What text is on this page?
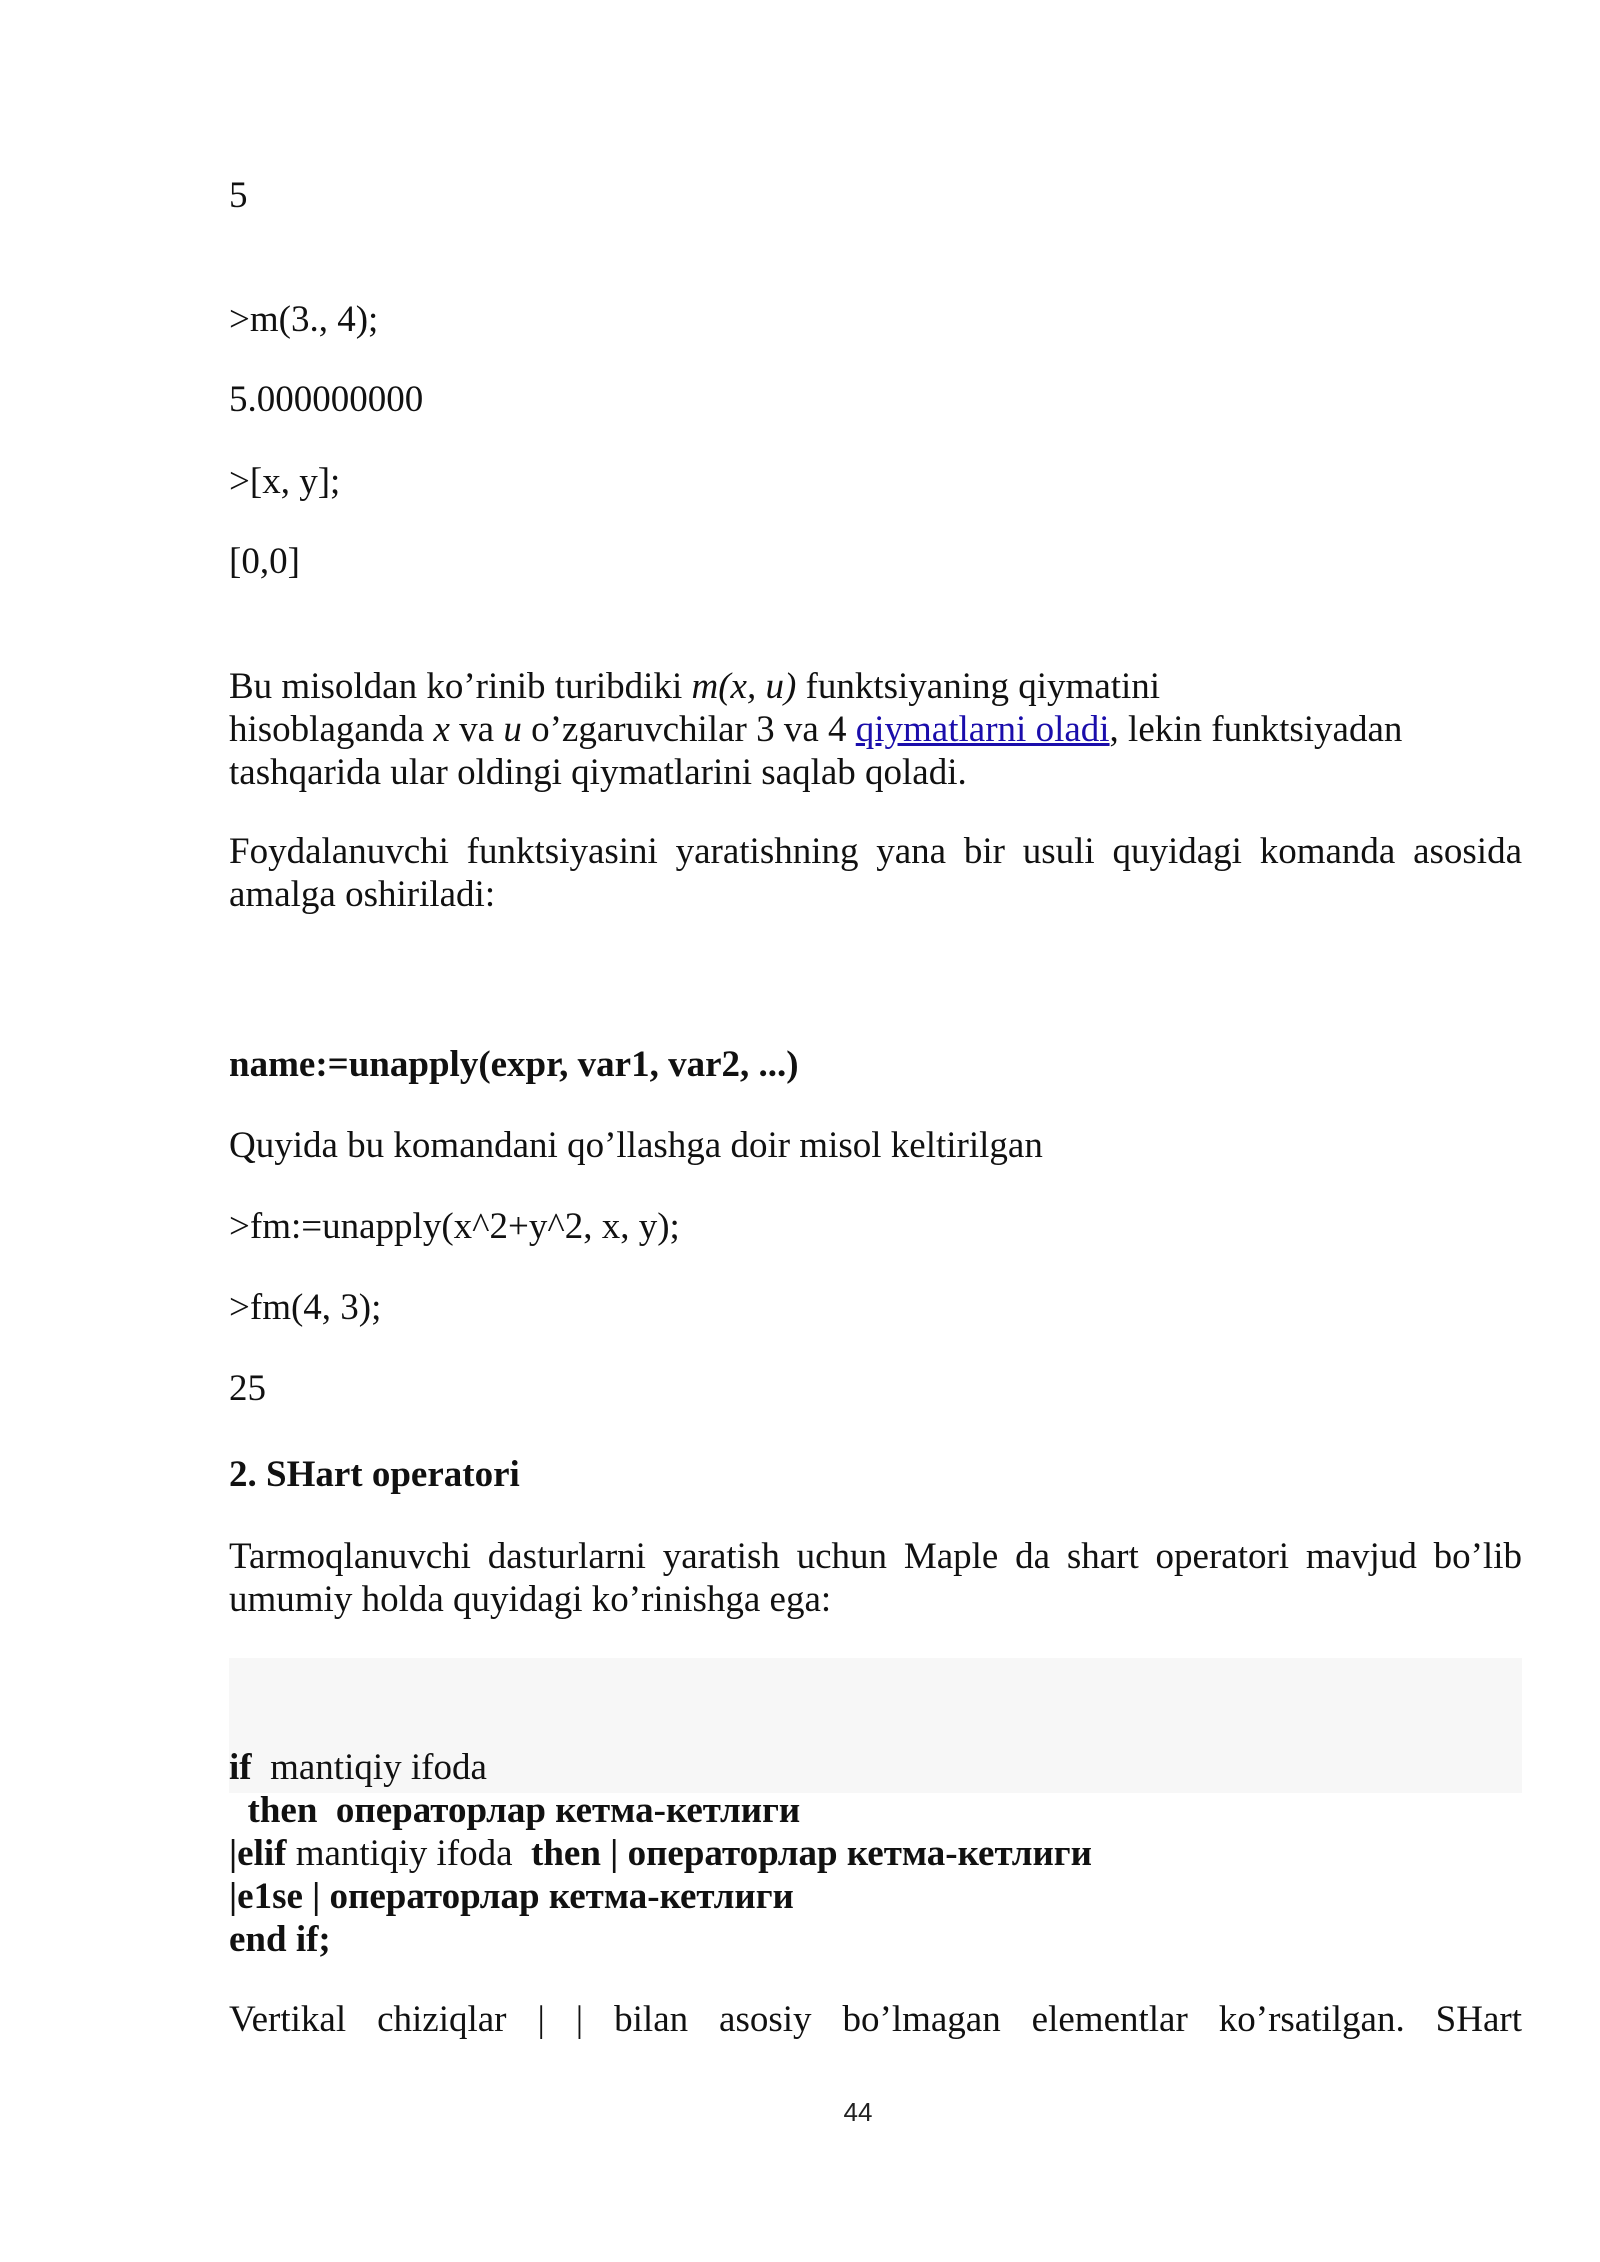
5
>m(3., 4);
5.000000000
>[x, y];
[0,0]
Bu misoldan ko’rinib turibdiki m(x, u) funktsiyaning qiymatini
hisoblaganda x va u o’zgaruvchilar 3 va 4 qiymatlarni oladi, lekin funktsiyadan
tashqarida ular oldingi qiymatlarini saqlab qoladi.
Foydalanuvchi funktsiyasini yaratishning yana bir usuli quyidagi komanda asosida amalga oshiriladi:
name:=unapply(expr, var1, var2, ...)
Quyida bu komandani qo’llashga doir misol keltirilgan
>fm:=unapply(x^2+y^2, x, y);
>fm(4, 3);
25
2. SHart operatori
Tarmoqlanuvchi dasturlarni yaratish uchun Maple da shart operatori mavjud bo’lib umumiy holda quyidagi ko’rinishga ega:
if  mantiqiy ifoda
then  операторлар кетма-кетлиги
|elif mantiqiy ifoda  then | операторлар кетма-кетлиги
|e1se | операторлар кетма-кетлиги
end if;
Vertikal chiziqlar | | bilan asosiy bo’lmagan elementlar ko’rsatilgan. SHart
44
